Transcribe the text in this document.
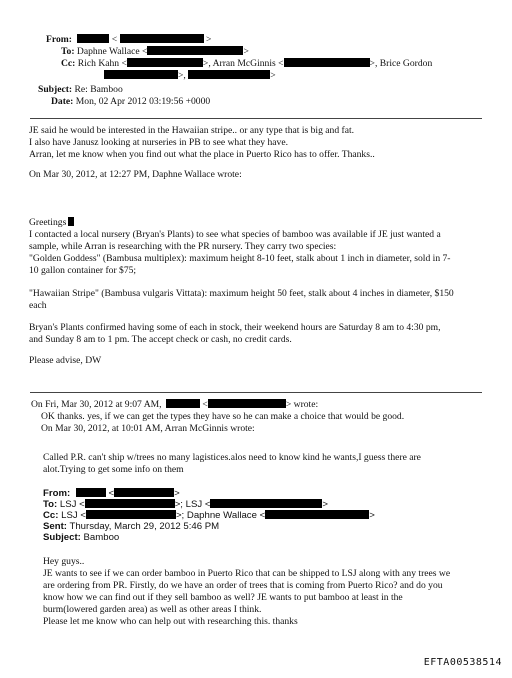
From:	<	>
To: Daphne Wallace <	>
Cc: Rich Kahn <	>, Arran McGinnis <	>, Brice Gordon
>,	>
Subject: Re: Bamboo
Date: Mon, 02 Apr 2012 03:19:56 +0000
JE said he would be interested in the Hawaiian stripe.. or any type that is big and fat.
I also have Janusz looking at nurseries in PB to see what they have.
Arran, let me know when you find out what the place in Puerto Rico has to offer. Thanks..
On Mar 30, 2012, at 12:27 PM, Daphne Wallace wrote:
Greetings
I contacted a local nursery (Bryan's Plants) to see what species of bamboo was available if JE just wanted a
sample, while Arran is researching with the PR nursery. They carry two species:
"Golden Goddess" (Bambusa multiplex): maximum height 8-10 feet, stalk about 1 inch in diameter, sold in 7-
10 gallon container for $75;
"Hawaiian Stripe" (Bambusa vulgaris Vittata): maximum height 50 feet, stalk about 4 inches in diameter, $150
each
Bryan's Plants confirmed having some of each in stock, their weekend hours are Saturday 8 am to 4:30 pm,
and Sunday 8 am to 1 pm. The accept check or cash, no credit cards.
Please advise, DW
On Fri, Mar 30, 2012 at 9:07 AM,	<	> wrote:
OK thanks. yes, if we can get the types they have so he can make a choice that would be good.
On Mar 30, 2012, at 10:01 AM, Arran McGinnis wrote:
Called P.R. can't ship w/trees no many lagistices.alos need to know kind he wants,I guess there are
alot.Trying to get some info on them
From:	<	>
To: LSJ <	>; LSJ <	>
Cc: LSJ <	>; Daphne Wallace <	>
Sent: Thursday, March 29, 2012 5:46 PM
Subject: Bamboo
Hey guys..
JE wants to see if we can order bamboo in Puerto Rico that can be shipped to LSJ along with any trees we
are ordering from PR. Firstly, do we have an order of trees that is coming from Puerto Rico? and do you
know how we can find out if they sell bamboo as well? JE wants to put bamboo at least in the
burm(lowered garden area) as well as other areas I think.
Please let me know who can help out with researching this. thanks
EFTA00538514
